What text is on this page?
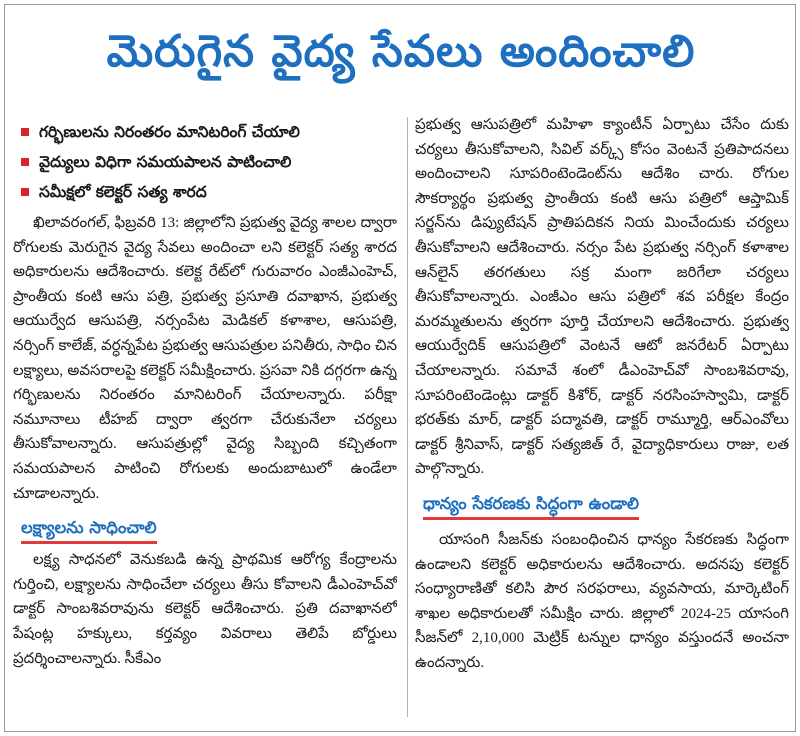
మెరుగైన వైద్య సేవలు అందించాలి
గర్భిణులను నిరంతరం మానిటరింగ్ చేయాలి
వైద్యులు విధిగా సమయపాలన పాటించాలి
సమీక్షలో కలెక్టర్ సత్య శారద

ఖిలావరంగల్, ఫిబ్రవరి 13: జిల్లాలోని ప్రభుత్వ వైద్య శాలల ద్వారా రోగులకు మెరుగైన వైద్య సేవలు అందించా లని కలెక్టర్ సత్య శారద అధికారులను ఆదేశించారు. కలెక్ట రేట్‌లో గురువారం ఎంజీఎంహెచ్, ప్రాంతీయ కంటి ఆసు పత్రి, ప్రభుత్వ ప్రసూతి దవాఖాన, ప్రభుత్వ ఆయుర్వేద ఆసుపత్రి, నర్సంపేట మెడికల్ కళాశాల, ఆసుపత్రి, నర్సింగ్ కాలేజ్, వర్ధన్నపేట ప్రభుత్వ ఆసుపత్రుల పనితీరు, సాధిం చిన లక్ష్యాలు, అవసరాలపై కలెక్టర్ సమీక్షించారు. ప్రసవా నికి దగ్గరగా ఉన్న గర్భిణులను నిరంతరం మానిటరింగ్ చేయాలన్నారు. పరీక్షా నమూనాలు టీహబ్ ద్వారా త్వరగా చేరుకునేలా చర్యలు తీసుకోవాలన్నారు. ఆసుపత్రుల్లో వైద్య సిబ్బంది కచ్చితంగా సమయపాలన పాటించి రోగులకు అందుబాటులో ఉండేలా చూడాలన్నారు.

లక్ష్యాలను సాధించాలి

లక్ష్య సాధనలో వెనుకబడి ఉన్న ప్రాథమిక ఆరోగ్య కేంద్రాలను గుర్తించి, లక్ష్యాలను సాధించేలా చర్యలు తీసు కోవాలని డీఎంహెచ్‌వో డాక్టర్ సాంబశివరావును కలెక్టర్ ఆదేశించారు. ప్రతి దవాఖానలో పేషంట్ల హక్కులు, కర్తవ్యం వివరాలు తెలిపే బోర్డులు ప్రదర్శించాలన్నారు. సీకేఎం

ప్రభుత్వ ఆసుపత్రిలో మహిళా క్యాంటీన్ ఏర్పాటు చేసేం దుకు చర్యలు తీసుకోవాలని, సివిల్ వర్క్స్ కోసం వెంటనే ప్రతిపాదనలు అందించాలని సూపరింటెండెంట్‌ను ఆదేశిం చారు. రోగుల సౌకర్యార్థం ప్రభుత్వ ప్రాంతీయ కంటి ఆసు పత్రిలో ఆప్తామిక్ సర్జన్‌ను డిప్యుటేషన్ ప్రాతిపదికన నియ మించేందుకు చర్యలు తీసుకోవాలని ఆదేశించారు. నర్సం పేట ప్రభుత్వ నర్సింగ్ కళాశాల ఆన్‌లైన్ తరగతులు సక్ర మంగా జరిగేలా చర్యలు తీసుకోవాలన్నారు. ఎంజీఎం ఆసు పత్రిలో శవ పరీక్షల కేంద్రం మరమ్మతులను త్వరగా పూర్తి చేయాలని ఆదేశించారు. ప్రభుత్వ ఆయుర్వేదిక్ ఆసుపత్రిలో వెంటనే ఆటో జనరేటర్ ఏర్పాటు చేయాలన్నారు. సమావే శంలో డీఎంహెచ్‌వో సాంబశివరావు, సూపరింటెండెంట్లు డాక్టర్ కిశోర్, డాక్టర్ నరసింహస్వామి, డాక్టర్ భరత్‌కు మార్, డాక్టర్ పద్మావతి, డాక్టర్ రామ్మూర్తి, ఆర్ఎంవోలు డాక్టర్ శ్రీనివాస్, డాక్టర్ సత్యజిత్ రే, వైద్యాధికారులు రాజు, లత పాల్గొన్నారు.

ధాన్యం సేకరణకు సిద్ధంగా ఉండాలి

యాసంగి సీజన్‌కు సంబంధించిన ధాన్యం సేకరణకు సిద్ధంగా ఉండాలని కలెక్టర్ అధికారులను ఆదేశించారు. అదనపు కలెక్టర్ సంధ్యారాణితో కలిసి పౌర సరఫరాలు, వ్యవసాయ, మార్కెటింగ్ శాఖల అధికారులతో సమీక్షిం చారు. జిల్లాలో 2024-25 యాసంగి సీజన్‌లో 2,10,000 మెట్రిక్ టన్నుల ధాన్యం వస్తుందనే అంచనా ఉందన్నారు.
